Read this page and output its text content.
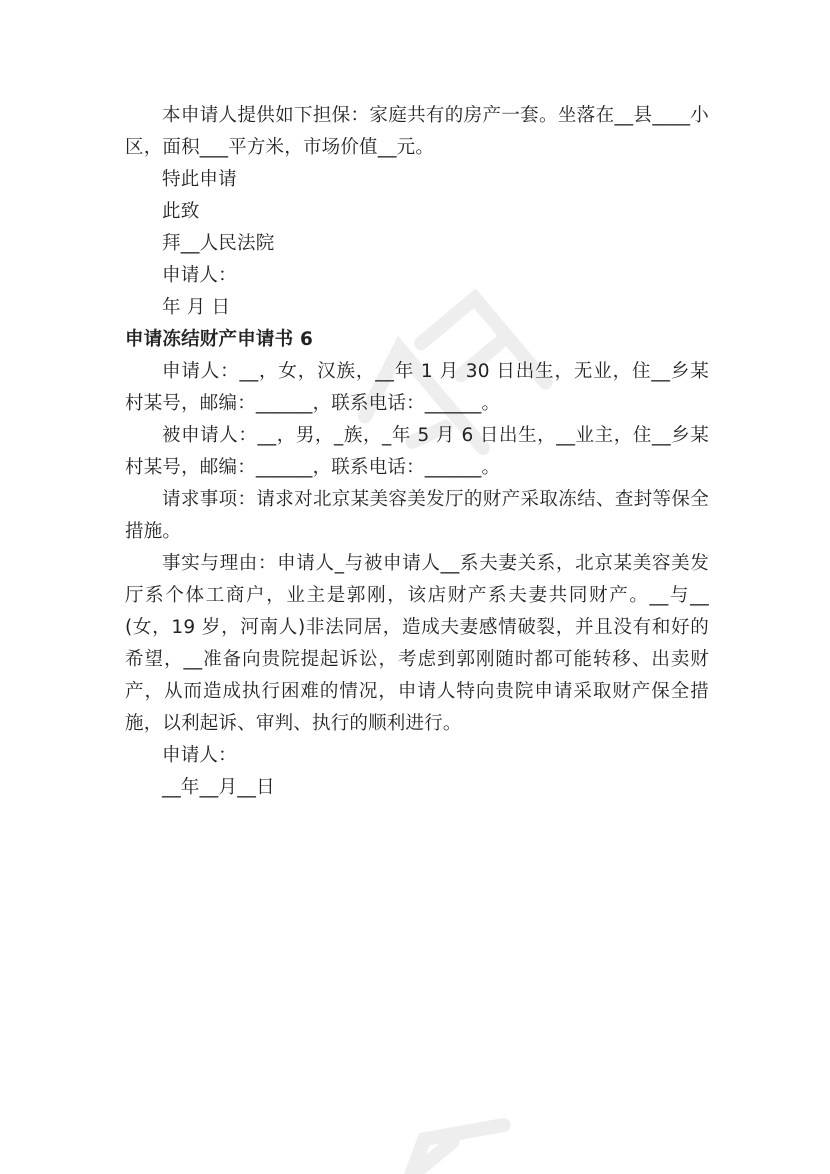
本申请人提供如下担保：家庭共有的房产一套。坐落在__县____小区，面积___平方米，市场价值__元。

特此申请

此致

拜__人民法院

申请人：

年 月 日

申请冻结财产申请书 6

申请人：__，女，汉族，__年 1 月 30 日出生，无业，住__乡某村某号，邮编：______，联系电话：______。

被申请人：__，男，_族，_年 5 月 6 日出生，__业主，住__乡某村某号，邮编：______，联系电话：______。

请求事项：请求对北京某美容美发厅的财产采取冻结、查封等保全措施。

事实与理由：申请人_与被申请人__系夫妻关系，北京某美容美发厅系个体工商户，业主是郭刚，该店财产系夫妻共同财产。__与__(女，19 岁，河南人)非法同居，造成夫妻感情破裂，并且没有和好的希望，__准备向贵院提起诉讼，考虑到郭刚随时都可能转移、出卖财产，从而造成执行困难的情况，申请人特向贵院申请采取财产保全措施，以利起诉、审判、执行的顺利进行。

申请人：

__年__月__日
